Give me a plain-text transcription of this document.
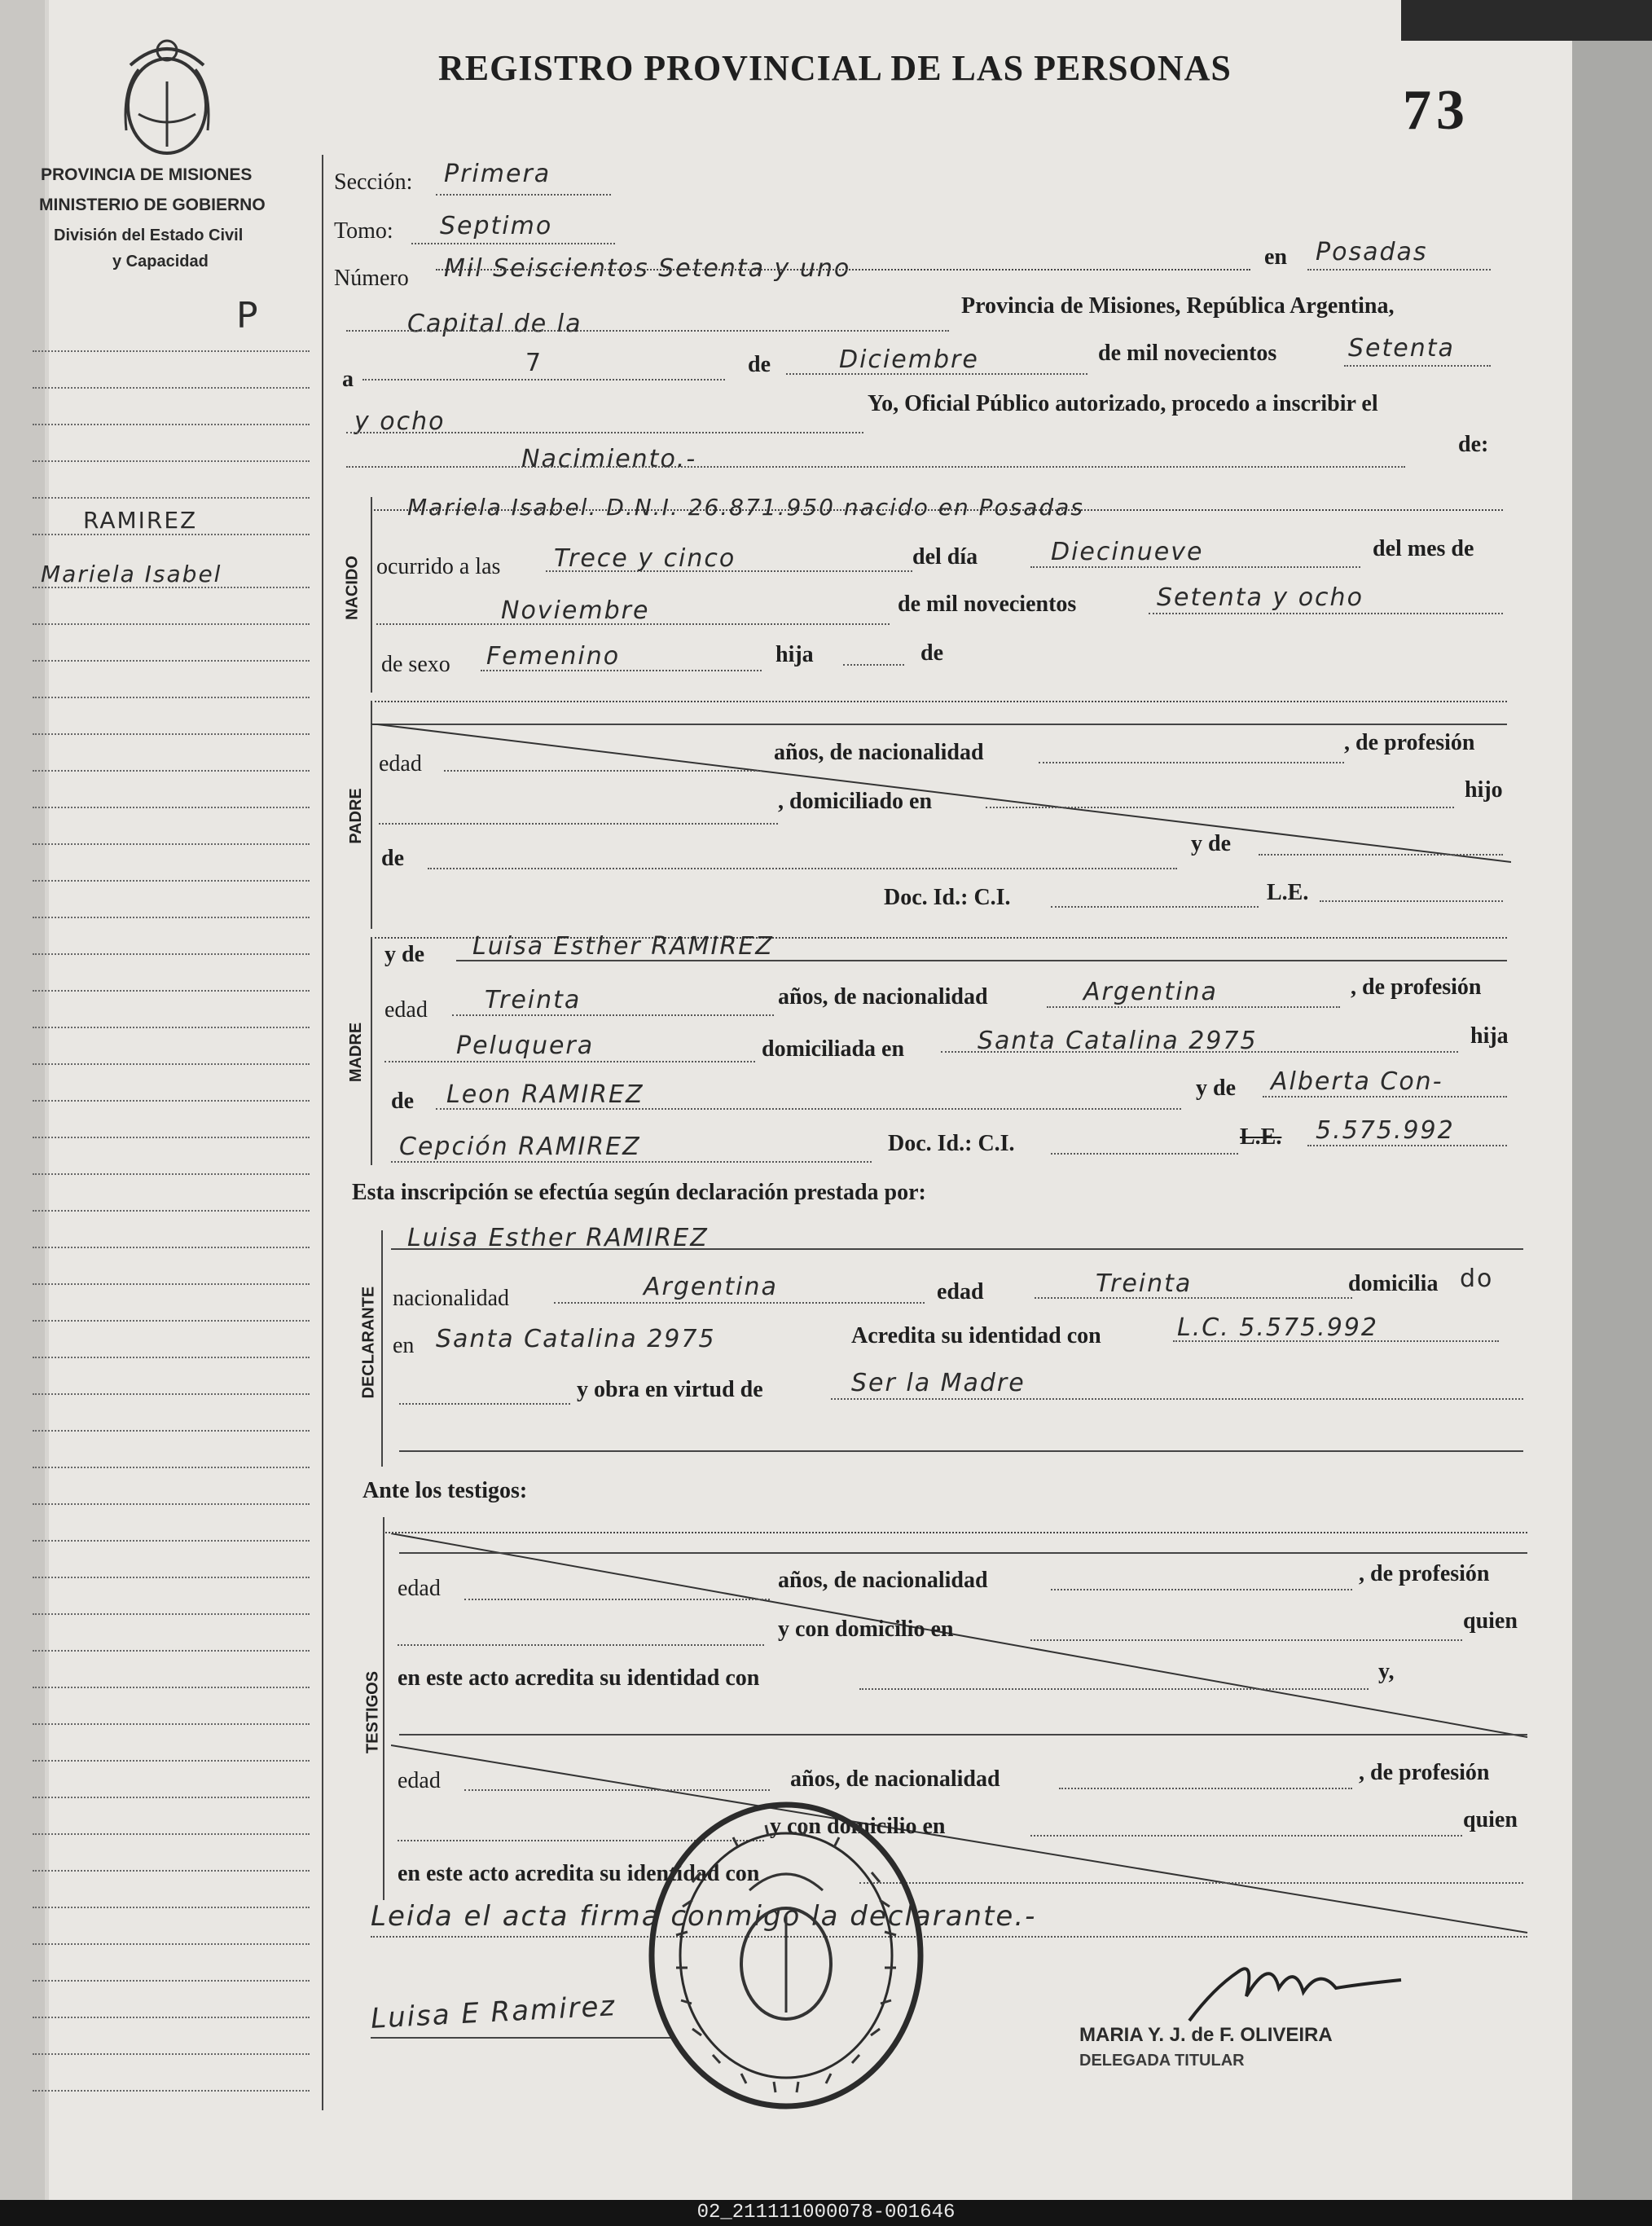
PROVINCIA DE MISIONES
MINISTERIO DE GOBIERNO
División del Estado Civil
y Capacidad
P
REGISTRO PROVINCIAL DE LAS PERSONAS
73
RAMIREZ
Mariela Isabel
Sección: Primera
Tomo: Septimo
Número Mil Seiscientos Setenta y uno	en Posadas
Capital de la
Provincia de Misiones, República Argentina,
a
7	de	Diciembre	de mil novecientos	Setenta
y ocho
Yo, Oficial Público autorizado, procedo a inscribir el
Nacimiento.-
de:
NACIDO
Mariela Isabel. D.N.I. 26.871.950 nacido en Posadas
ocurrido a las Trece y cinco	del día	Diecinueve	del mes de
Noviembre	de mil novecientos	Setenta y ocho
de sexo Femenino	hija	de
PADRE
edad	años, de nacionalidad	, de profesión
, domiciliado en	hijo
de
y de
Doc. Id.: C.I.	L.E.
MADRE
y de Luisa Esther RAMIREZ
edad Treinta	años, de nacionalidad	Argentina	, de profesión
Peluquera	domiciliada en	Santa Catalina 2975	hija
de Leon RAMIREZ	y de Alberta Con-
Cepción RAMIREZ	Doc. Id.: C.I.	L.E. 5.575.992
Esta inscripción se efectúa según declaración prestada por:
DECLARANTE
Luisa Esther RAMIREZ
nacionalidad	Argentina	edad	Treinta	domicilia do
en Santa Catalina 2975	Acredita su identidad con	L.C. 5.575.992
y obra en virtud de	Ser la Madre
Ante los testigos:
TESTIGOS
edad	años, de nacionalidad	, de profesión
y con domicilio en	quien
en este acto acredita su identidad con	y,
edad	años, de nacionalidad	, de profesión
y con domicilio en	quien
en este acto acredita su identidad con
Leida el acta firma conmigo la declarante.-
Luisa E Ramirez	MARIA Y. J. de F. OLIVEIRA
DELEGADA TITULAR
02_211111000078-001646
